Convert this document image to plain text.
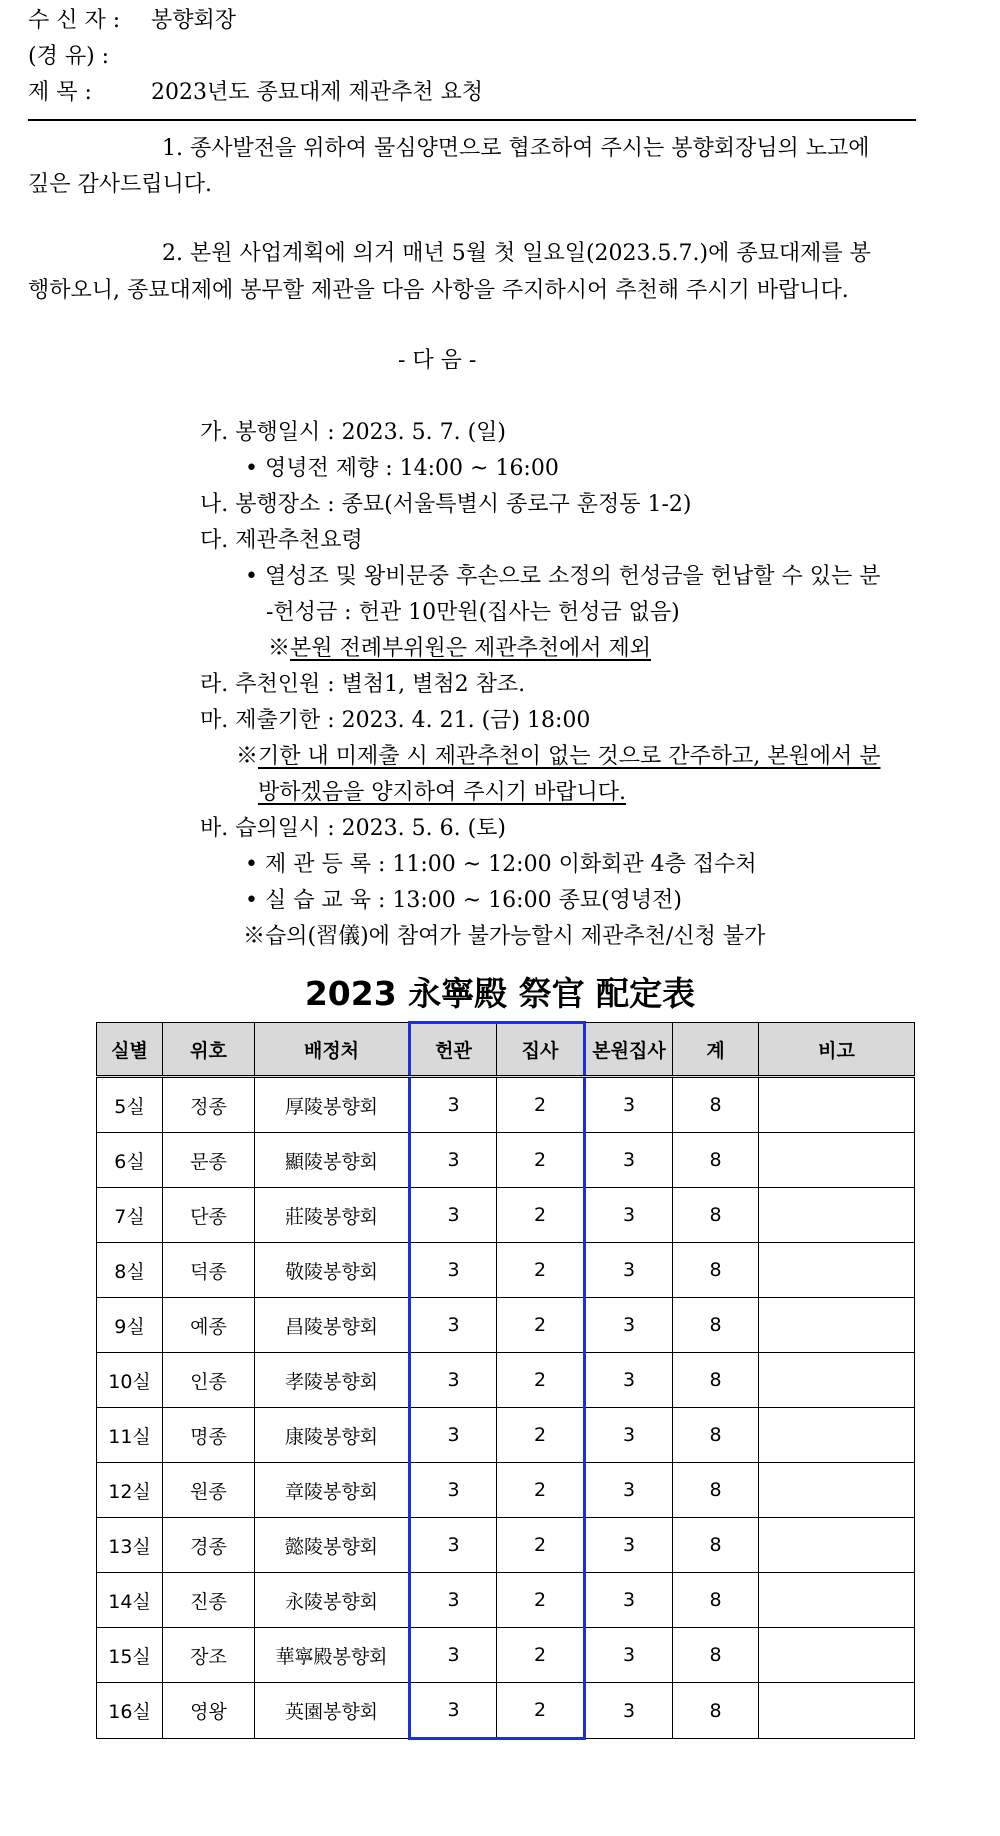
수 신 자 : 봉향회장
(경 유) :
제 목 :	2023년도 종묘대제 제관추천 요청
1. 종사발전을 위하여 물심양면으로 협조하여 주시는 봉향회장님의 노고에
깊은 감사드립니다.
2. 본원 사업계획에 의거 매년 5월 첫 일요일(2023.5.7.)에 종묘대제를 봉
행하오니, 종묘대제에 봉무할 제관을 다음 사항을 주지하시어 추천해 주시기 바랍니다.
- 다 음 -
가. 봉행일시 : 2023. 5. 7. (일)
• 영녕전 제향 : 14:00 ~ 16:00
나. 봉행장소 : 종묘(서울특별시 종로구 훈정동 1-2)
다. 제관추천요령
• 열성조 및 왕비문중 후손으로 소정의 헌성금을 헌납할 수 있는 분
-헌성금 : 헌관 10만원(집사는 헌성금 없음)
※본원 전례부위원은 제관추천에서 제외
라. 추천인원 : 별첨1, 별첨2 참조.
마. 제출기한 : 2023. 4. 21. (금) 18:00
※기한 내 미제출 시 제관추천이 없는 것으로 간주하고, 본원에서 분
방하겠음을 양지하여 주시기 바랍니다.
바. 습의일시 : 2023. 5. 6. (토)
• 제 관 등 록 : 11:00 ~ 12:00 이화회관 4층 접수처
• 실 습 교 육 : 13:00 ~ 16:00 종묘(영녕전)
※습의(習儀)에 참여가 불가능할시 제관추천/신청 불가
2023 永寧殿 祭官 配定表
실별	위호	배정처	헌관	집사	본원집사	계	비고
5실	정종	厚陵봉향회	3	2	3	8	
6실	문종	顯陵봉향회	3	2	3	8	
7실	단종	莊陵봉향회	3	2	3	8	
8실	덕종	敬陵봉향회	3	2	3	8	
9실	예종	昌陵봉향회	3	2	3	8	
10실	인종	孝陵봉향회	3	2	3	8	
11실	명종	康陵봉향회	3	2	3	8	
12실	원종	章陵봉향회	3	2	3	8	
13실	경종	懿陵봉향회	3	2	3	8	
14실	진종	永陵봉향회	3	2	3	8	
15실	장조	華寧殿봉향회	3	2	3	8	
16실	영왕	英園봉향회	3	2	3	8	
